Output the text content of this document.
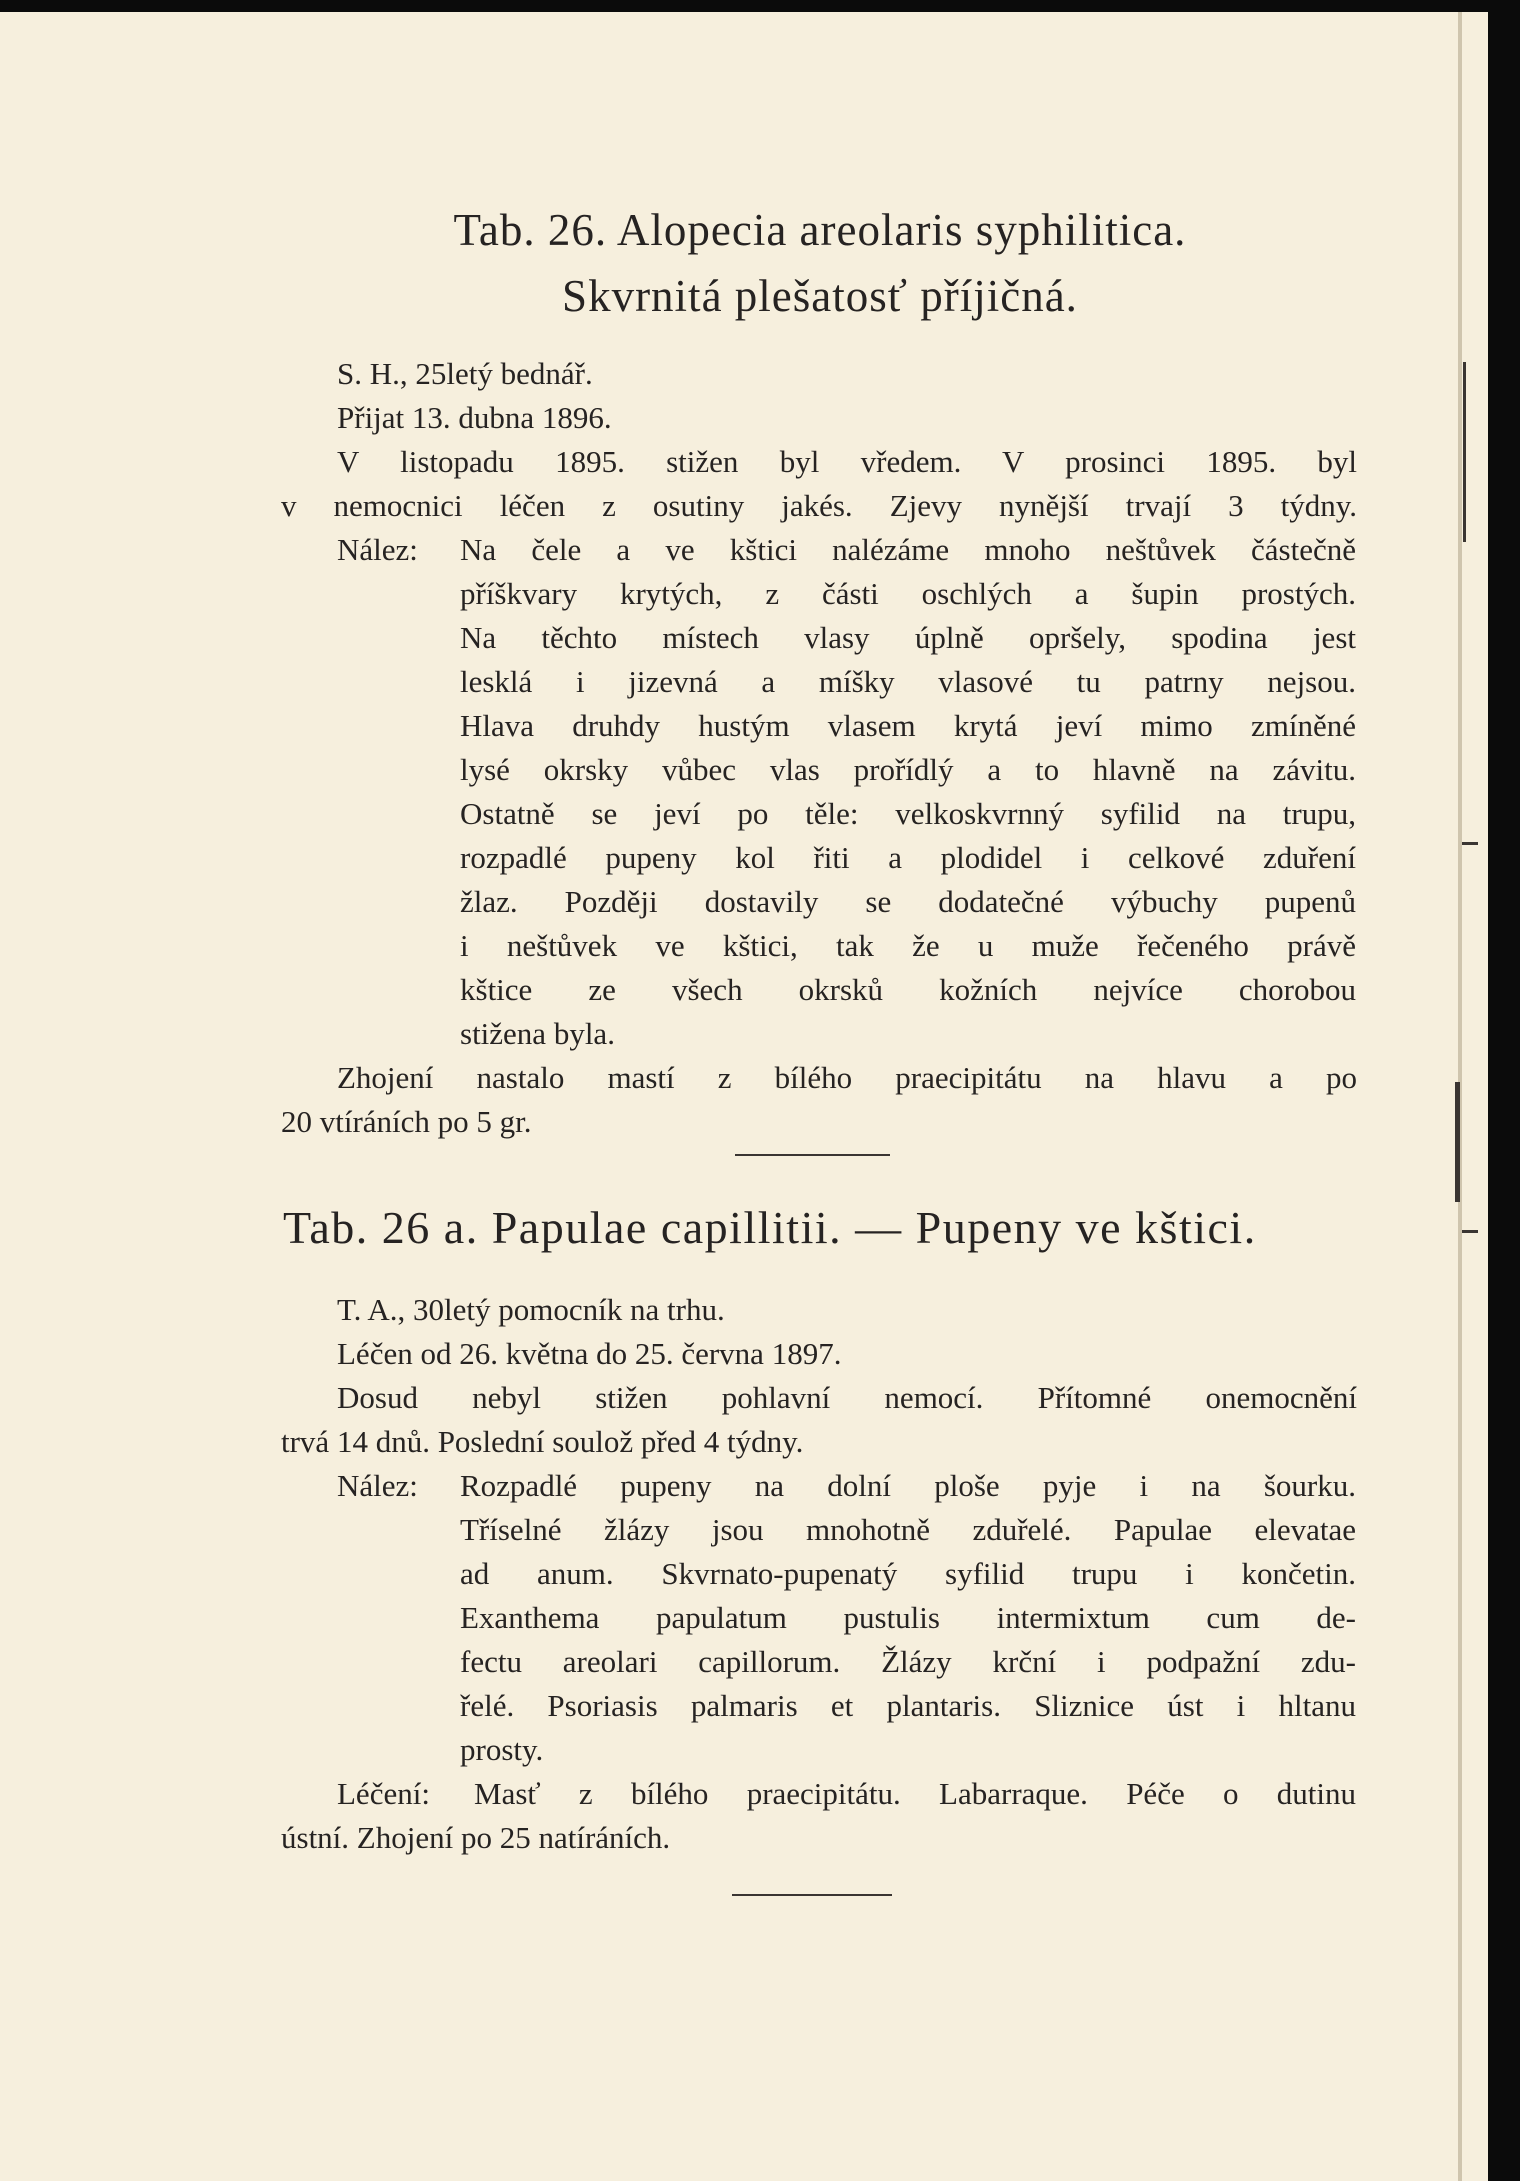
Tab. 26. Alopecia areolaris syphilitica.
Skvrnitá plešatosť příjičná.

S. H., 25letý bednář.

Přijat 13. dubna 1896.

V listopadu 1895. stižen byl vředem. V prosinci 1895. byl

v nemocnici léčen z osutiny jakés. Zjevy nynější trvají 3 týdny.

Nález: Na čele a ve kštici nalézáme mnoho neštůvek částečně

příškvary krytých, z části oschlých a šupin prostých.

Na těchto místech vlasy úplně opršely, spodina jest

lesklá i jizevná a míšky vlasové tu patrny nejsou.

Hlava druhdy hustým vlasem krytá jeví mimo zmíněné

lysé okrsky vůbec vlas prořídlý a to hlavně na závitu.

Ostatně se jeví po těle: velkoskvrnný syfilid na trupu,

rozpadlé pupeny kol řiti a plodidel i celkové zduření

žlaz. Později dostavily se dodatečné výbuchy pupenů

i neštůvek ve kštici, tak že u muže řečeného právě

kštice ze všech okrsků kožních nejvíce chorobou

stižena byla.

Zhojení nastalo mastí z bílého praecipitátu na hlavu a po

20 vtíráních po 5 gr.

Tab. 26 a. Papulae capillitii. — Pupeny ve kštici.

T. A., 30letý pomocník na trhu.

Léčen od 26. května do 25. června 1897.

Dosud nebyl stižen pohlavní nemocí. Přítomné onemocnění

trvá 14 dnů. Poslední soulož před 4 týdny.

Nález: Rozpadlé pupeny na dolní ploše pyje i na šourku.

Tříselné žlázy jsou mnohotně zduřelé. Papulae elevatae

ad anum. Skvrnato-pupenatý syfilid trupu i končetin.

Exanthema papulatum pustulis intermixtum cum de-

fectu areolari capillorum. Žlázy krční i podpažní zdu-

řelé. Psoriasis palmaris et plantaris. Sliznice úst i hltanu

prosty.

Léčení: Masť z bílého praecipitátu. Labarraque. Péče o dutinu

ústní. Zhojení po 25 natíráních.
